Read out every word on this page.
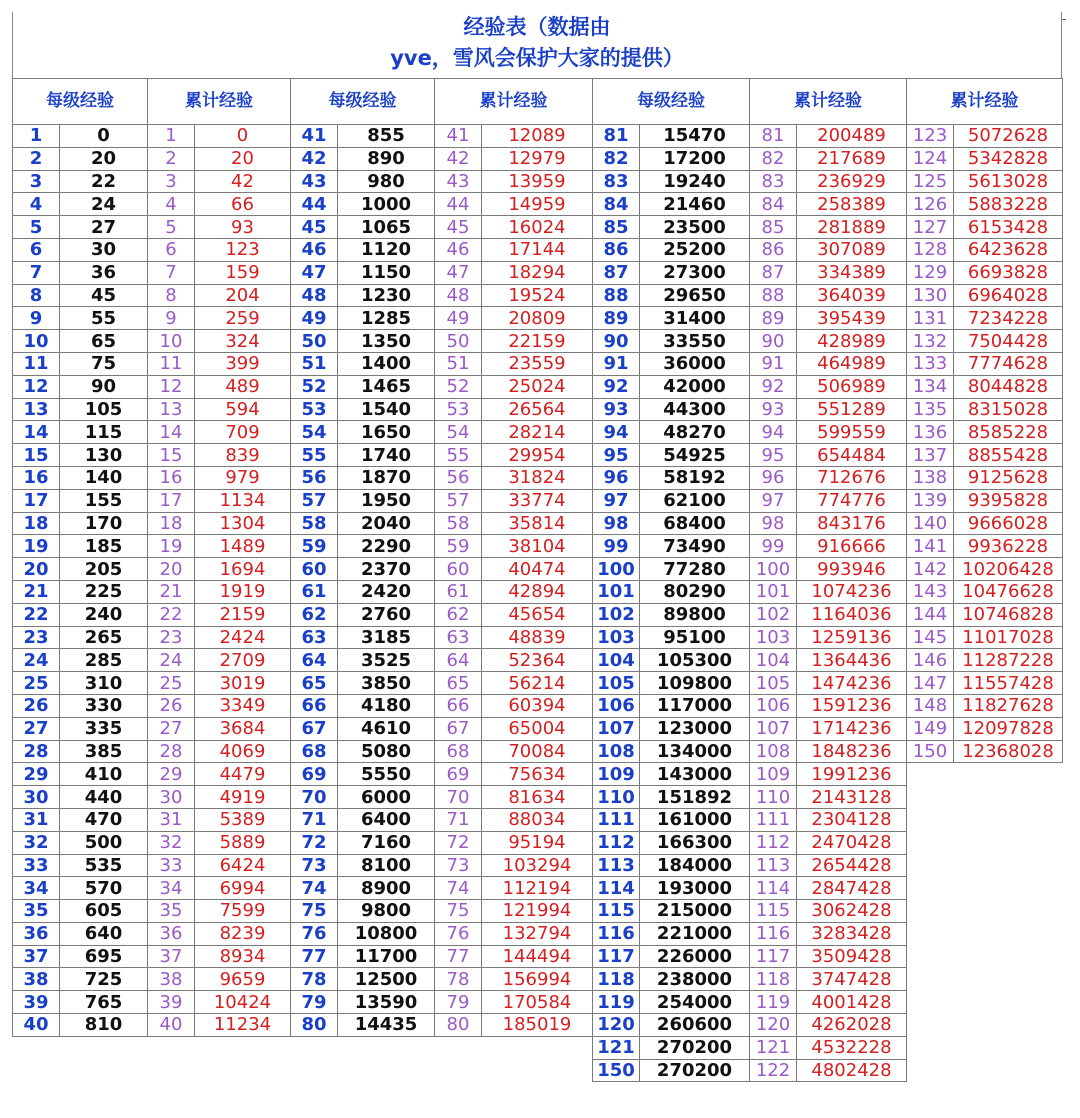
经验表（数据由
yve，雪风会保护大家的提供）
-
每级经验		累计经验	
1	0	1	0
2	20	2	20
3	22	3	42
4	24	4	66
5	27	5	93
6	30	6	123
7	36	7	159
8	45	8	204
9	55	9	259
10	65	10	324
11	75	11	399
12	90	12	489
13	105	13	594
14	115	14	709
15	130	15	839
16	140	16	979
17	155	17	1134
18	170	18	1304
19	185	19	1489
20	205	20	1694
21	225	21	1919
22	240	22	2159
23	265	23	2424
24	285	24	2709
25	310	25	3019
26	330	26	3349
27	335	27	3684
28	385	28	4069
29	410	29	4479
30	440	30	4919
31	470	31	5389
32	500	32	5889
33	535	33	6424
34	570	34	6994
35	605	35	7599
36	640	36	8239
37	695	37	8934
38	725	38	9659
39	765	39	10424
40	810	40	11234
每级经验		累计经验	
41	855	41	12089
42	890	42	12979
43	980	43	13959
44	1000	44	14959
45	1065	45	16024
46	1120	46	17144
47	1150	47	18294
48	1230	48	19524
49	1285	49	20809
50	1350	50	22159
51	1400	51	23559
52	1465	52	25024
53	1540	53	26564
54	1650	54	28214
55	1740	55	29954
56	1870	56	31824
57	1950	57	33774
58	2040	58	35814
59	2290	59	38104
60	2370	60	40474
61	2420	61	42894
62	2760	62	45654
63	3185	63	48839
64	3525	64	52364
65	3850	65	56214
66	4180	66	60394
67	4610	67	65004
68	5080	68	70084
69	5550	69	75634
70	6000	70	81634
71	6400	71	88034
72	7160	72	95194
73	8100	73	103294
74	8900	74	112194
75	9800	75	121994
76	10800	76	132794
77	11700	77	144494
78	12500	78	156994
79	13590	79	170584
80	14435	80	185019
每级经验		累计经验	
81	15470	81	200489
82	17200	82	217689
83	19240	83	236929
84	21460	84	258389
85	23500	85	281889
86	25200	86	307089
87	27300	87	334389
88	29650	88	364039
89	31400	89	395439
90	33550	90	428989
91	36000	91	464989
92	42000	92	506989
93	44300	93	551289
94	48270	94	599559
95	54925	95	654484
96	58192	96	712676
97	62100	97	774776
98	68400	98	843176
99	73490	99	916666
100	77280	100	993946
101	80290	101	1074236
102	89800	102	1164036
103	95100	103	1259136
104	105300	104	1364436
105	109800	105	1474236
106	117000	106	1591236
107	123000	107	1714236
108	134000	108	1848236
109	143000	109	1991236
110	151892	110	2143128
111	161000	111	2304128
112	166300	112	2470428
113	184000	113	2654428
114	193000	114	2847428
115	215000	115	3062428
116	221000	116	3283428
117	226000	117	3509428
118	238000	118	3747428
119	254000	119	4001428
120	260600	120	4262028
121	270200	121	4532228
150	270200	122	4802428
累计经验	
123	5072628
124	5342828
125	5613028
126	5883228
127	6153428
128	6423628
129	6693828
130	6964028
131	7234228
132	7504428
133	7774628
134	8044828
135	8315028
136	8585228
137	8855428
138	9125628
139	9395828
140	9666028
141	9936228
142	10206428
143	10476628
144	10746828
145	11017028
146	11287228
147	11557428
148	11827628
149	12097828
150	12368028
